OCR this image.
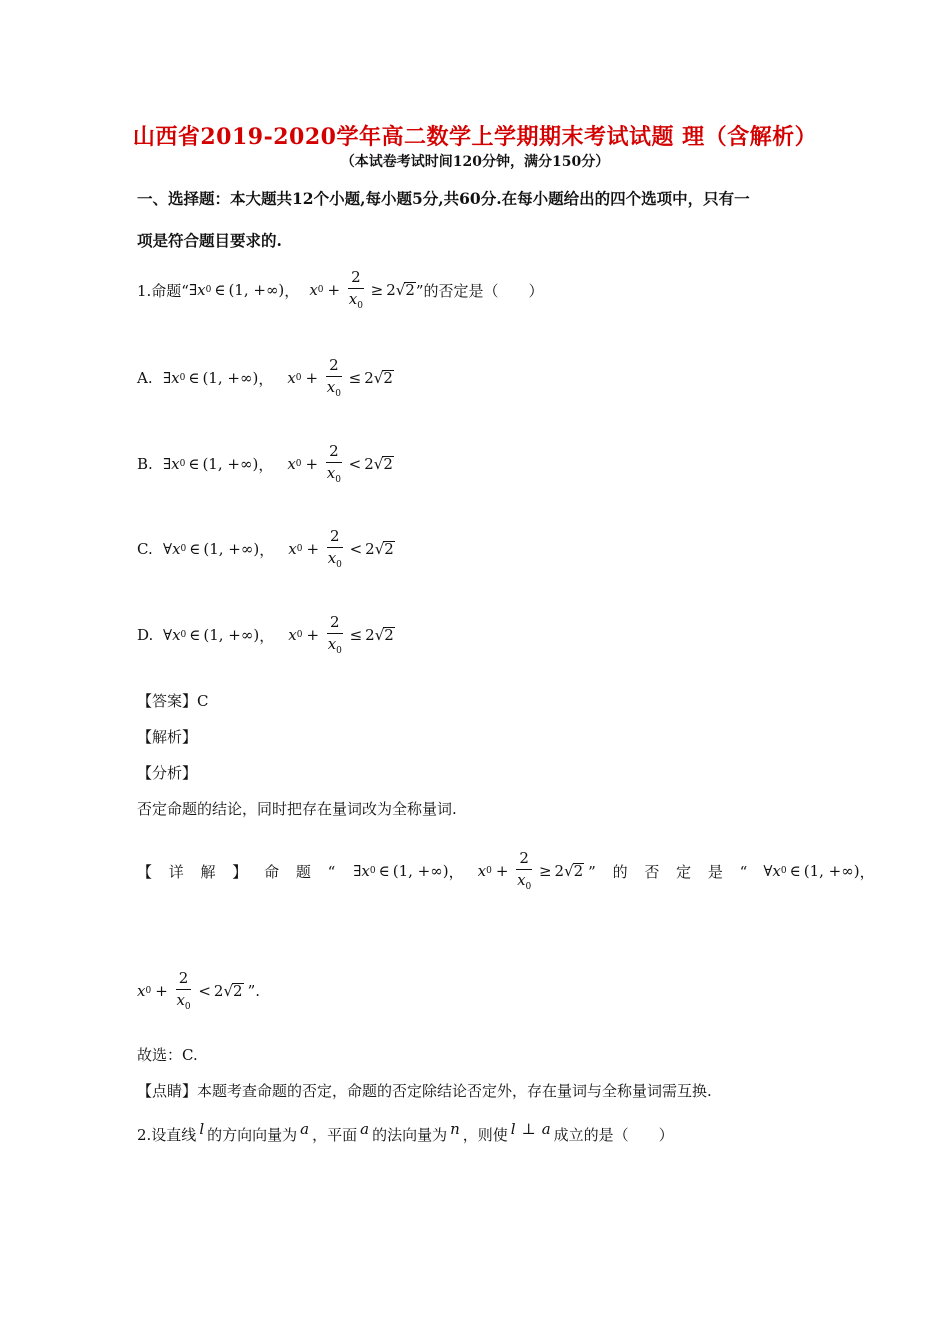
山西省2019-2020学年高二数学上学期期末考试试题 理（含解析）
（本试卷考试时间120分钟，满分150分）
一、选择题：本大题共12个小题,每小题5分,共60分.在每小题给出的四个选项中，只有一
项是符合题目要求的.
1.命题“ ∃ x 0 ∈ (1, +∞) ， x $0 + \frac{2}{x_0} \ge 2$ √ 2 ”的否定是（　　）
A. ∃ x 0 ∈ (1, +∞) ， x $0 + \frac{2}{x_0} \le 2$ √ 2
B. ∃ x 0 ∈ (1, +∞) ， x $0 + \frac{2}{x_0} < 2$ √ 2
C. ∀ x 0 ∈ (1, +∞) ， x $0 + \frac{2}{x_0} < 2$ √ 2
D. ∀ x 0 ∈ (1, +∞) ， x $0 + \frac{2}{x_0} \le 2$ √ 2
【答案】C
【解析】
【分析】
否定命题的结论，同时把存在量词改为全称量词.
【 详 解 】 命 题 “ ∃ x 0 ∈ (1, +∞) ， x $0 + \frac{2}{x_0} \ge 2$ √ 2 ” 的 否 定 是 “ ∀ x 0 ∈ (1, +∞) ，
x $0 + \frac{2}{x_0} < 2$ √ 2 ”.
故选：C.
【点睛】本题考查命题的否定，命题的否定除结论否定外，存在量词与全称量词需互换.
2.设直线 l 的方向向量为 a ，平面 a 的法向量为 n ，则使 l ⊥ a 成立的是（　　）
